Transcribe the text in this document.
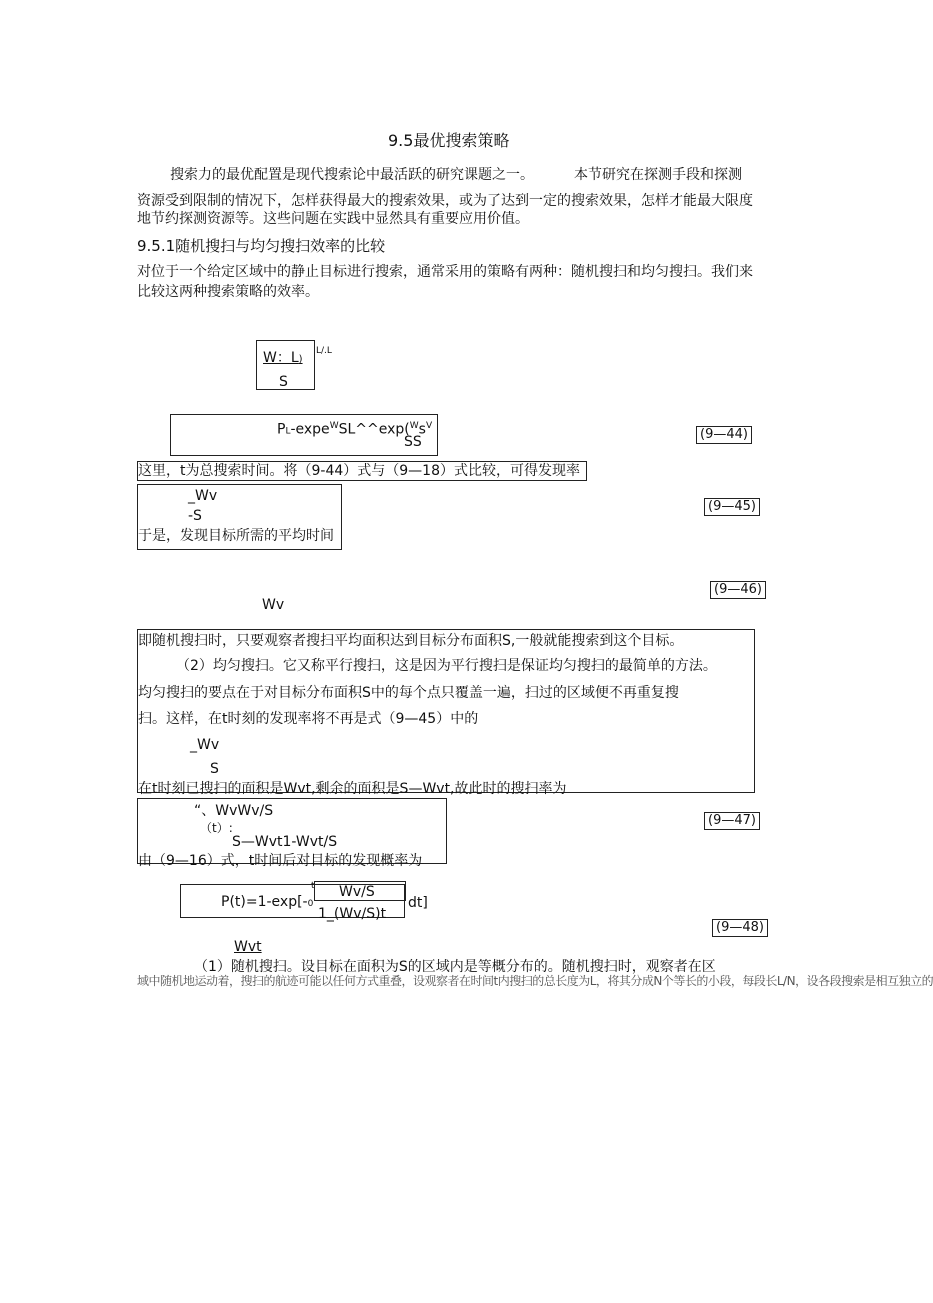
9.5最优搜索策略
搜索力的最优配置是现代搜索论中最活跃的研究课题之一。	本节研究在探测手段和探测
资源受到限制的情况下，怎样获得最大的搜索效果，或为了达到一定的搜索效果，怎样才能最大限度
地节约探测资源等。这些问题在实践中显然具有重要应用价值。
9.5.1随机搜扫与均匀搜扫效率的比较
对位于一个给定区域中的静止目标进行搜索，通常采用的策略有两种：随机搜扫和均匀搜扫。我们来
比较这两种搜索策略的效率。
W：L)
S
L/.L
$PL-\exp e^WSL\^{}\^{}\exp(^Ws^V$
SS	(9—44)
这里，t为总搜索时间。将（9-44）式与（9—18）式比较，可得发现率
_Wv
-S
于是，发现目标所需的平均时间
(9—45)
(9—46)
Wv
即随机搜扫时，只要观察者搜扫平均面积达到目标分布面积S,一般就能搜索到这个目标。
（2）均匀搜扫。它又称平行搜扫，这是因为平行搜扫是保证均匀搜扫的最简单的方法。
均匀搜扫的要点在于对目标分布面积S中的每个点只覆盖一遍，扫过的区域便不再重复搜
扫。这样，在t时刻的发现率将不再是式（9—45）中的
_Wv
S
在t时刻已搜扫的面积是Wvt,剩余的面积是S—Wvt,故此时的搜扫率为
“、WvWv/S
（t）:
S—Wvt1-Wvt/S
由（9—16）式，t时间后对目标的发现概率为
(9—47)
P(t)=1-exp[-0
t Wv/S
1_(Wv/S)t
dt]
(9—48)
Wvt
（1）随机搜扫。设目标在面积为S的区域内是等概分布的。随机搜扫时，观察者在区
域中随机地运动着，搜扫的航迹可能以任何方式重叠，设观察者在时间t内搜扫的总长度为L，将其分成N个等长的小段，每段长L/N，设各段搜索是相互独立的
